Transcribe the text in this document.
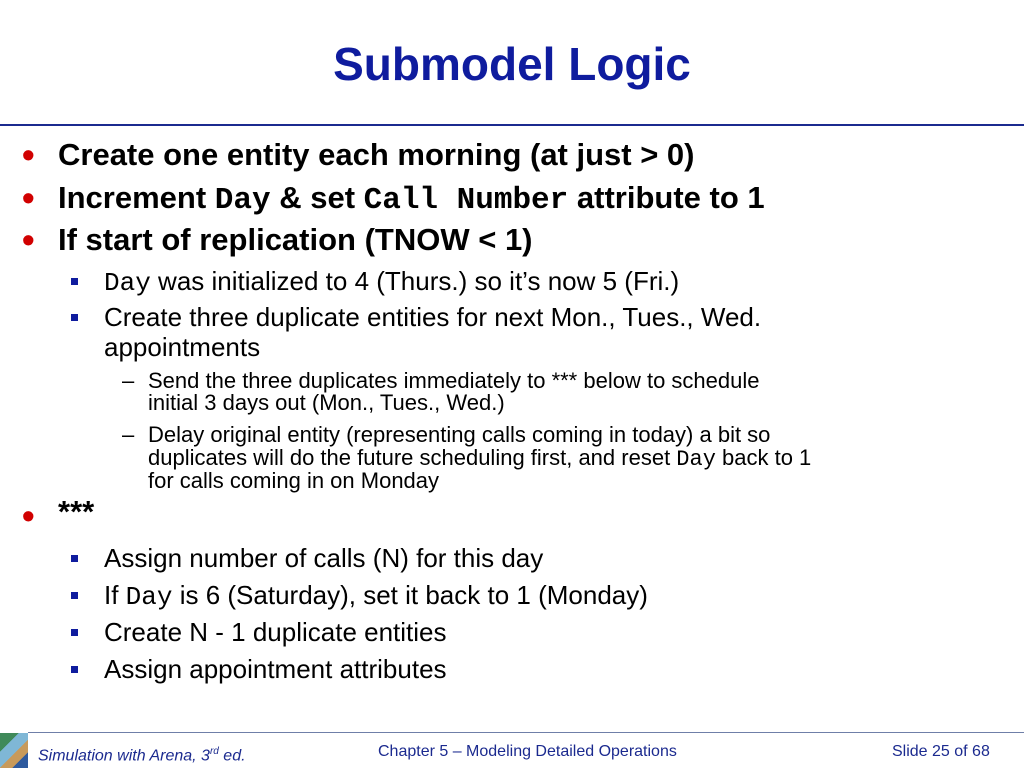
Submodel Logic
• Create one entity each morning (at just > 0)
• Increment Day & set Call Number attribute to 1
• If start of replication (TNOW < 1)
Day was initialized to 4 (Thurs.) so it’s now 5 (Fri.)
Create three duplicate entities for next Mon., Tues., Wed.
appointments
– Send the three duplicates immediately to *** below to schedule
initial 3 days out (Mon., Tues., Wed.)
– Delay original entity (representing calls coming in today) a bit so
duplicates will do the future scheduling first, and reset Day back to 1
for calls coming in on Monday
• ***
Assign number of calls (N) for this day
If Day is 6 (Saturday), set it back to 1 (Monday)
Create N - 1 duplicate entities
Assign appointment attributes
Simulation with Arena, 3rd ed.	Chapter 5 – Modeling Detailed Operations	Slide 25 of 68
